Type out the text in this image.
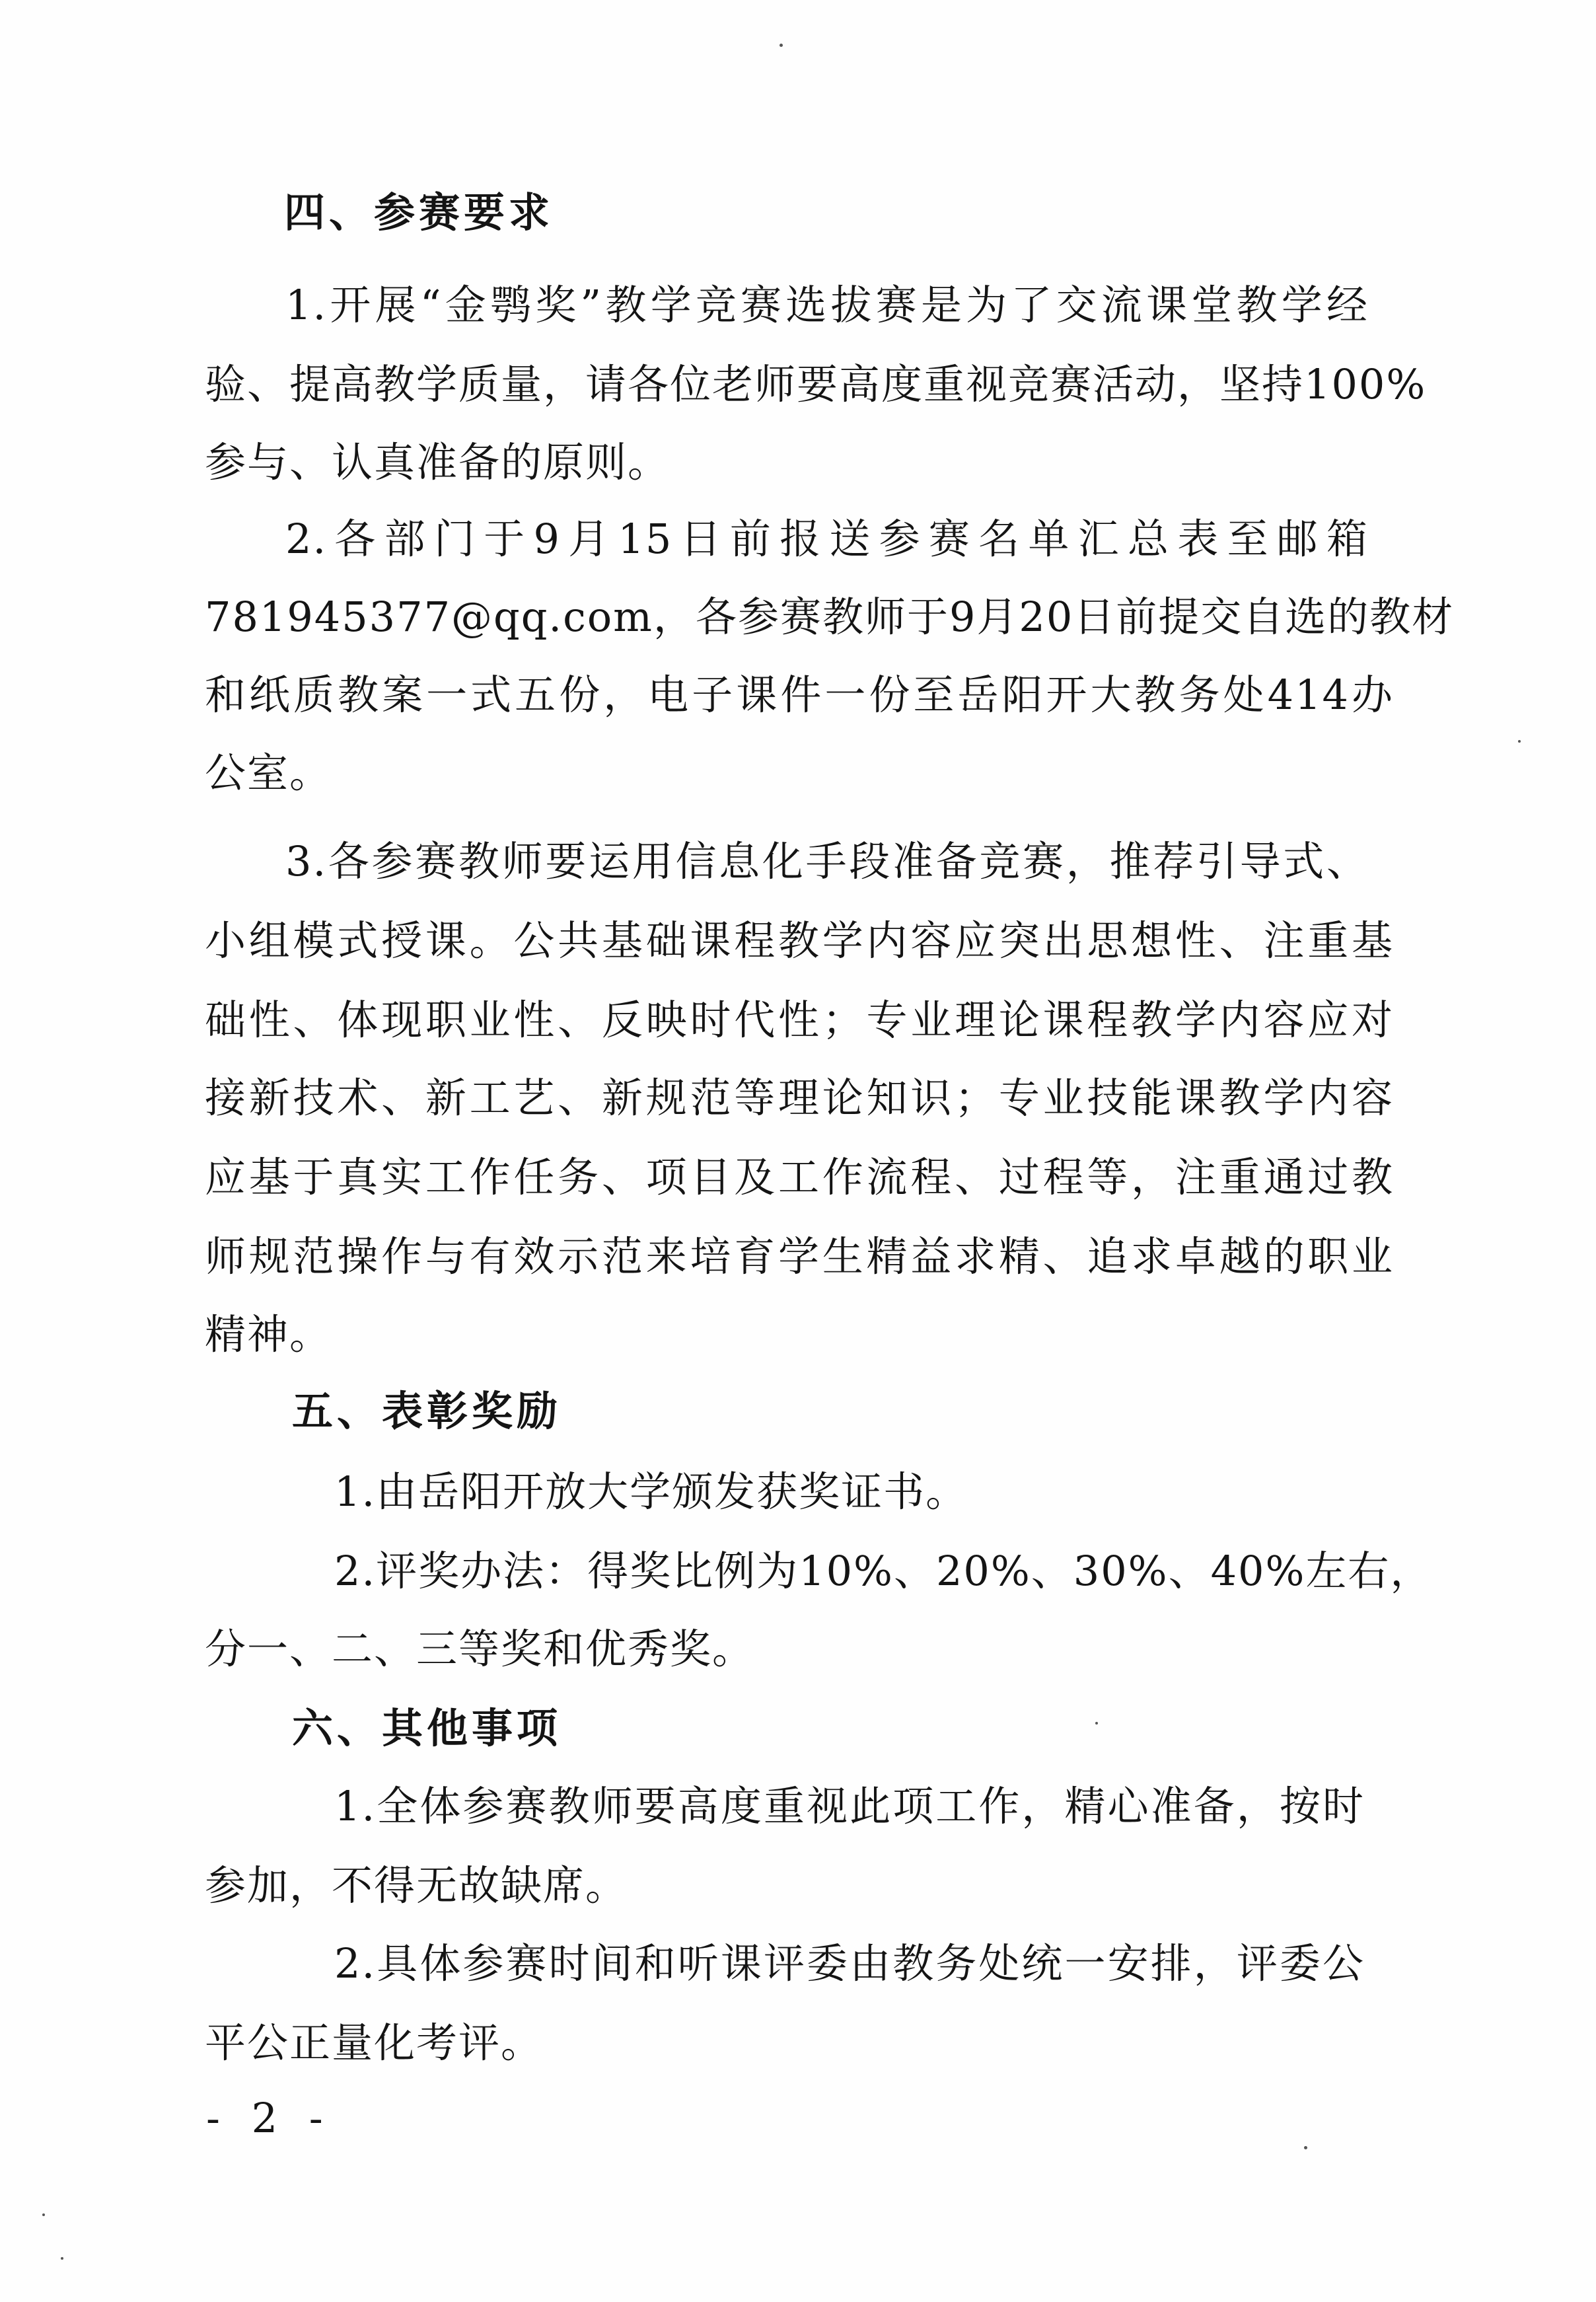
四、参赛要求
1.开展“金鹗奖”教学竞赛选拔赛是为了交流课堂教学经
验、提高教学质量，请各位老师要高度重视竞赛活动，坚持100%
参与、认真准备的原则。
2.各部门于9月15日前报送参赛名单汇总表至邮箱
781945377@qq.com，各参赛教师于9月20日前提交自选的教材
和纸质教案一式五份，电子课件一份至岳阳开大教务处414办
公室。
3.各参赛教师要运用信息化手段准备竞赛，推荐引导式、
小组模式授课。公共基础课程教学内容应突出思想性、注重基
础性、体现职业性、反映时代性；专业理论课程教学内容应对
接新技术、新工艺、新规范等理论知识；专业技能课教学内容
应基于真实工作任务、项目及工作流程、过程等，注重通过教
师规范操作与有效示范来培育学生精益求精、追求卓越的职业
精神。
五、表彰奖励
1.由岳阳开放大学颁发获奖证书。
2.评奖办法：得奖比例为10%、20%、30%、40%左右，
分一、二、三等奖和优秀奖。
六、其他事项
1.全体参赛教师要高度重视此项工作，精心准备，按时
参加，不得无故缺席。
2.具体参赛时间和听课评委由教务处统一安排，评委公
平公正量化考评。
- 2 -
